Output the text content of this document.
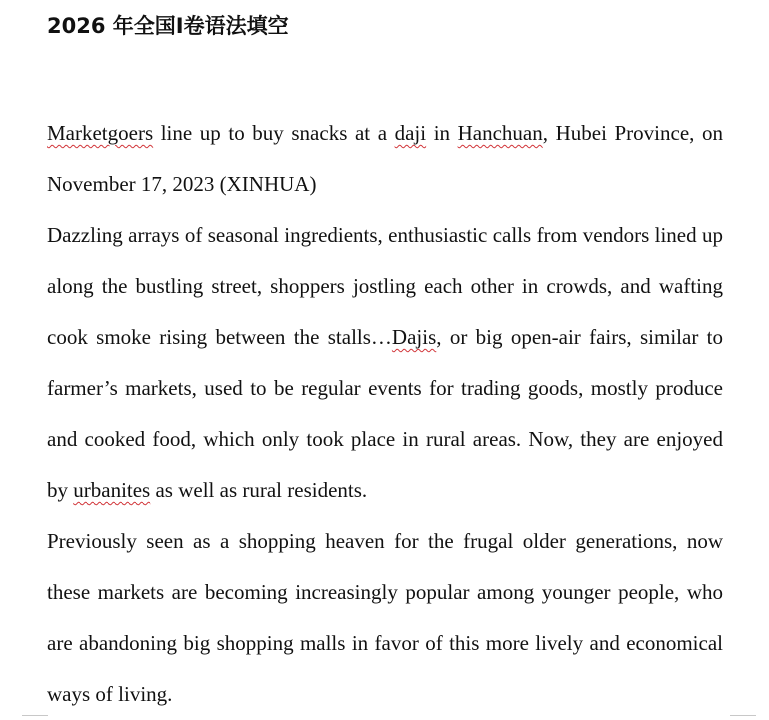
2026 年全国I卷语法填空

Marketgoers line up to buy snacks at a daji in Hanchuan, Hubei Province, on November 17, 2023 (XINHUA)

Dazzling arrays of seasonal ingredients, enthusiastic calls from vendors lined up along the bustling street, shoppers jostling each other in crowds, and wafting cook smoke rising between the stalls…Dajis, or big open-air fairs, similar to farmer’s markets, used to be regular events for trading goods, mostly produce and cooked food, which only took place in rural areas. Now, they are enjoyed by urbanites as well as rural residents.

Previously seen as a shopping heaven for the frugal older generations, now these markets are becoming increasingly popular among younger people, who are abandoning big shopping malls in favor of this more lively and economical ways of living.
